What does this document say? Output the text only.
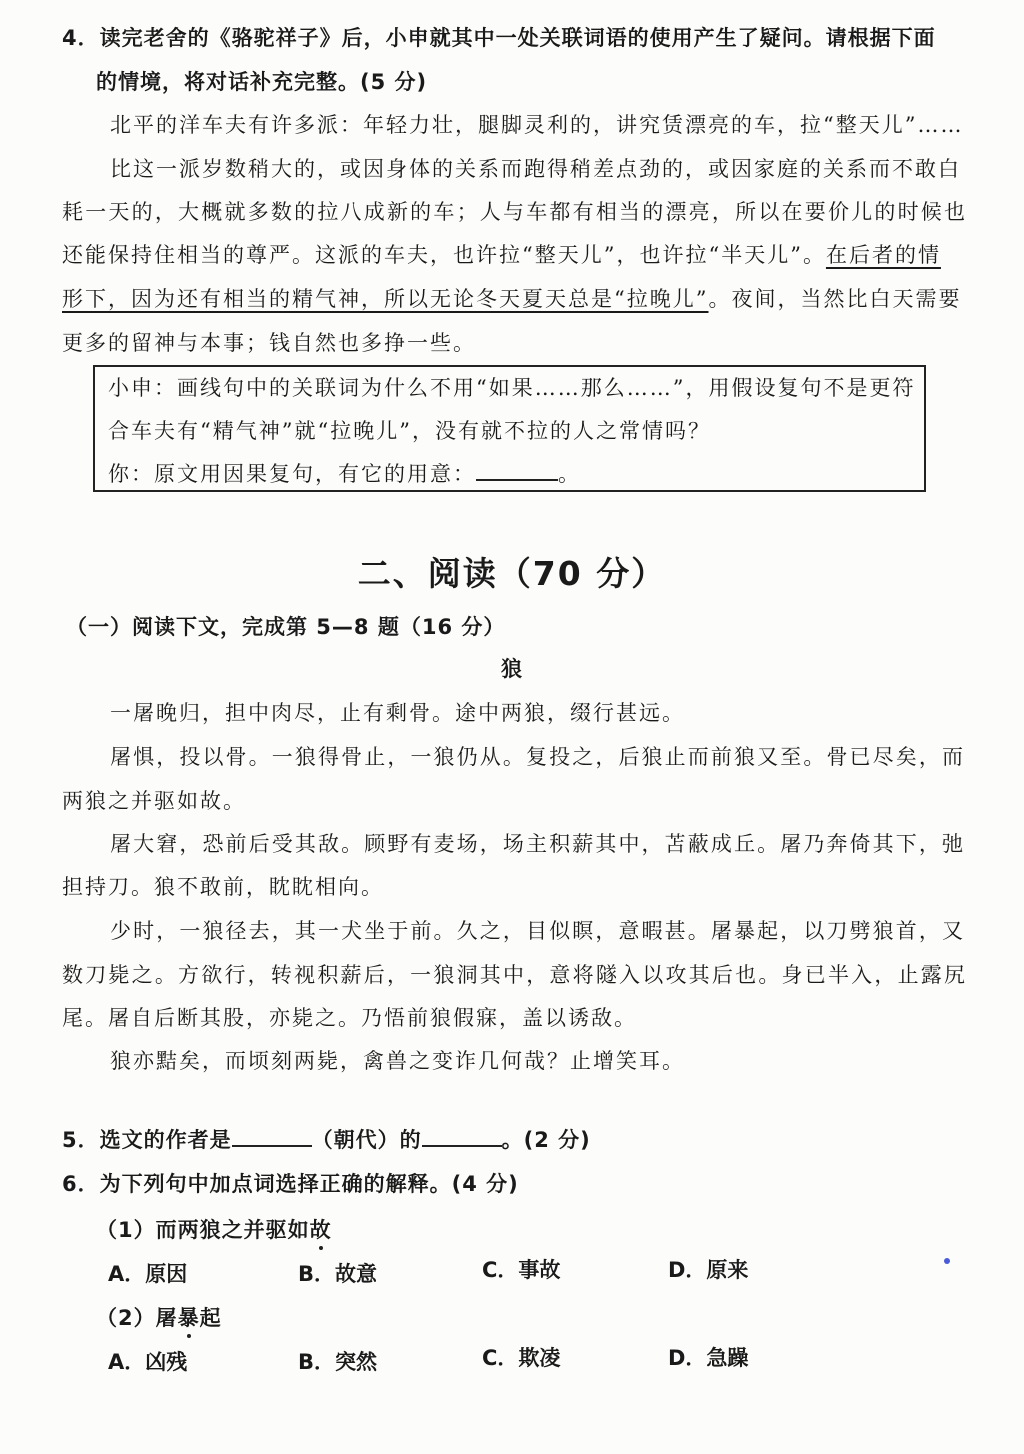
4．读完老舍的《骆驼祥子》后，小申就其中一处关联词语的使用产生了疑问。请根据下面
的情境，将对话补充完整。(5 分)
北平的洋车夫有许多派：年轻力壮，腿脚灵利的，讲究赁漂亮的车，拉“整天儿”……
比这一派岁数稍大的，或因身体的关系而跑得稍差点劲的，或因家庭的关系而不敢白
耗一天的，大概就多数的拉八成新的车；人与车都有相当的漂亮，所以在要价儿的时候也
还能保持住相当的尊严。这派的车夫，也许拉“整天儿”，也许拉“半天儿”。在后者的情
形下，因为还有相当的精气神，所以无论冬天夏天总是“拉晚儿”。夜间，当然比白天需要
更多的留神与本事；钱自然也多挣一些。
小申：画线句中的关联词为什么不用“如果……那么……”，用假设复句不是更符
合车夫有“精气神”就“拉晚儿”，没有就不拉的人之常情吗？
你：原文用因果复句，有它的用意：	。
二、阅读（70 分）
（一）阅读下文，完成第 5—8 题（16 分）
狼
一屠晚归，担中肉尽，止有剩骨。途中两狼，缀行甚远。
屠惧，投以骨。一狼得骨止，一狼仍从。复投之，后狼止而前狼又至。骨已尽矣，而
两狼之并驱如故。
屠大窘，恐前后受其敌。顾野有麦场，场主积薪其中，苫蔽成丘。屠乃奔倚其下，弛
担持刀。狼不敢前，眈眈相向。
少时，一狼径去，其一犬坐于前。久之，目似瞑，意暇甚。屠暴起，以刀劈狼首，又
数刀毙之。方欲行，转视积薪后，一狼洞其中，意将隧入以攻其后也。身已半入，止露尻
尾。屠自后断其股，亦毙之。乃悟前狼假寐，盖以诱敌。
狼亦黠矣，而顷刻两毙，禽兽之变诈几何哉？止增笑耳。
5．选文的作者是	（朝代）的	。(2 分)
6．为下列句中加点词选择正确的解释。(4 分)
（1）而两狼之并驱如故
A．原因	B．故意	C．事故	D．原来
（2）屠暴起
A．凶残	B．突然	C．欺凌	D．急躁
